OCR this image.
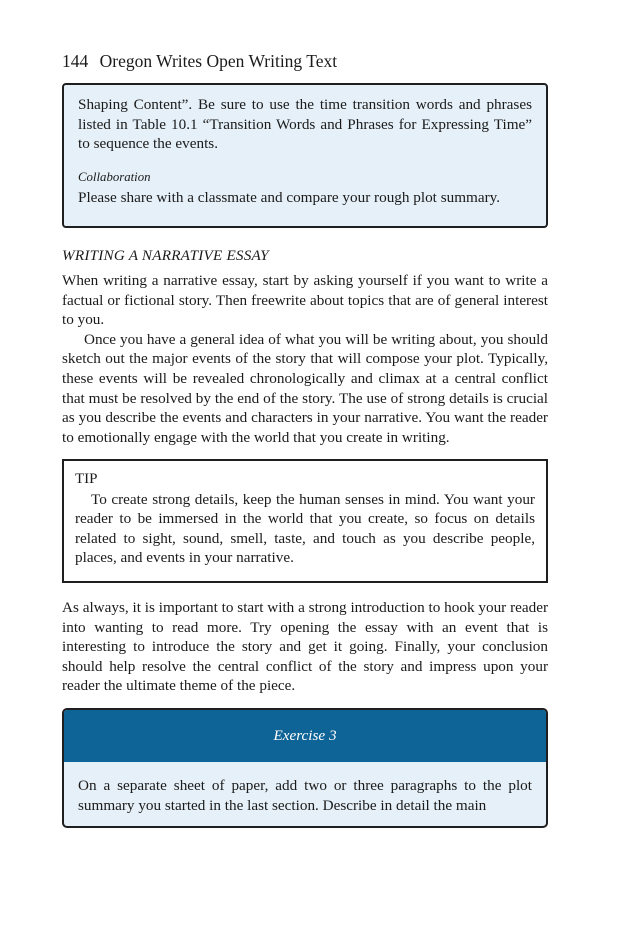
144 Oregon Writes Open Writing Text

Shaping Content”. Be sure to use the time transition words and phrases listed in Table 10.1 “Transition Words and Phrases for Expressing Time” to sequence the events.

Collaboration

Please share with a classmate and compare your rough plot summary.

WRITING A NARRATIVE ESSAY

When writing a narrative essay, start by asking yourself if you want to write a factual or fictional story. Then freewrite about topics that are of general interest to you.

Once you have a general idea of what you will be writing about, you should sketch out the major events of the story that will compose your plot. Typically, these events will be revealed chronologically and climax at a central conflict that must be resolved by the end of the story. The use of strong details is crucial as you describe the events and characters in your narrative. You want the reader to emotionally engage with the world that you create in writing.

TIP

To create strong details, keep the human senses in mind. You want your reader to be immersed in the world that you create, so focus on details related to sight, sound, smell, taste, and touch as you describe people, places, and events in your narrative.

As always, it is important to start with a strong introduction to hook your reader into wanting to read more. Try opening the essay with an event that is interesting to introduce the story and get it going. Finally, your conclusion should help resolve the central conflict of the story and impress upon your reader the ultimate theme of the piece.

Exercise 3

On a separate sheet of paper, add two or three paragraphs to the plot summary you started in the last section. Describe in detail the main
